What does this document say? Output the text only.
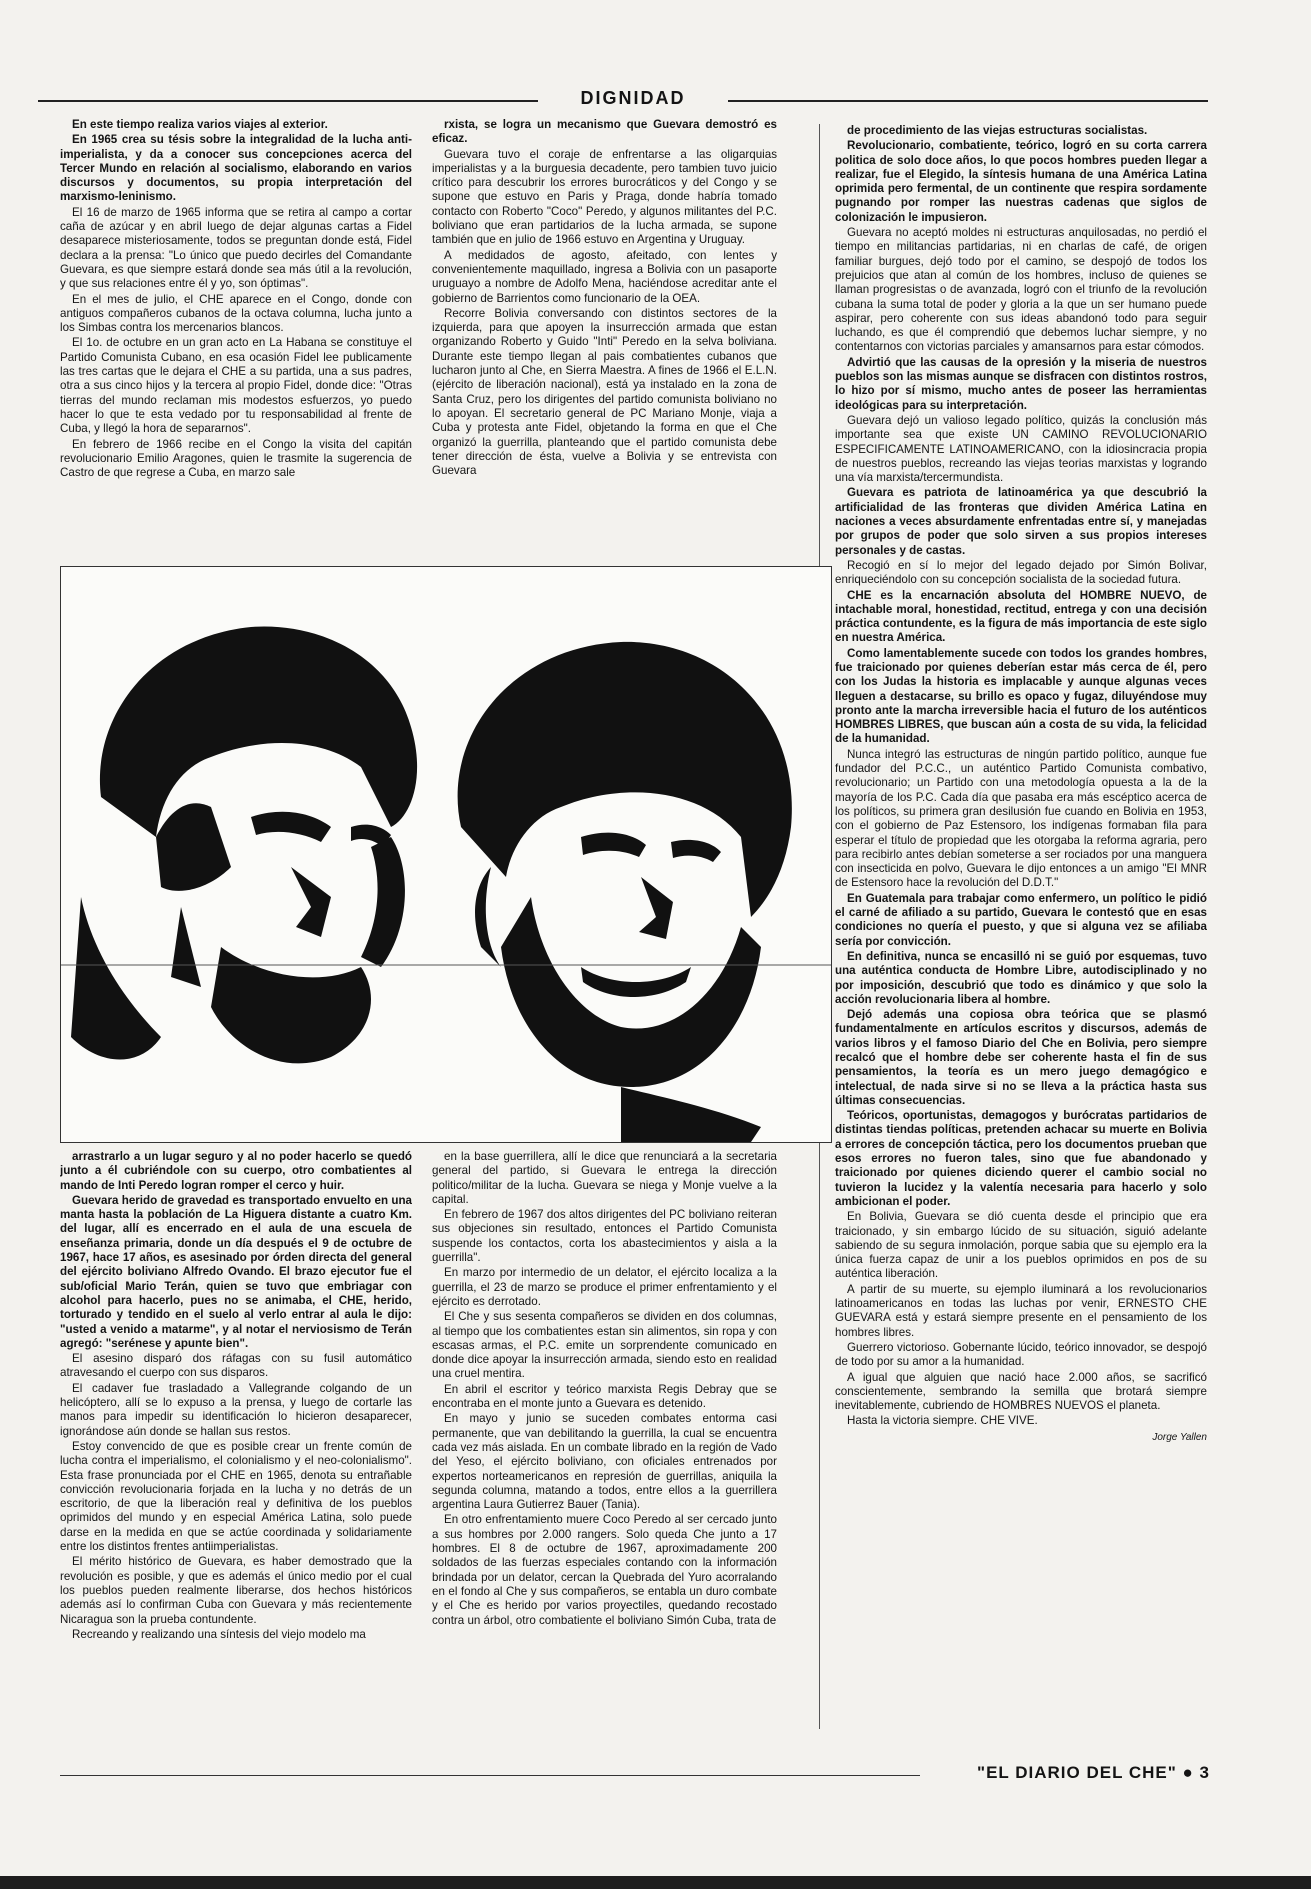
DIGNIDAD

En este tiempo realiza varios viajes al exterior.

En 1965 crea su tésis sobre la integralidad de la lucha anti-imperialista, y da a conocer sus concepciones acerca del Tercer Mundo en relación al socialismo, elaborando en varios discursos y documentos, su propia interpretación del marxismo-leninismo.

El 16 de marzo de 1965 informa que se retira al campo a cortar caña de azúcar y en abril luego de dejar algunas cartas a Fidel desaparece misteriosamente, todos se preguntan donde está, Fidel declara a la prensa: "Lo único que puedo decirles del Comandante Guevara, es que siempre estará donde sea más útil a la revolución, y que sus relaciones entre él y yo, son óptimas".

En el mes de julio, el CHE aparece en el Congo, donde con antiguos compañeros cubanos de la octava columna, lucha junto a los Simbas contra los mercenarios blancos.

El 1o. de octubre en un gran acto en La Habana se constituye el Partido Comunista Cubano, en esa ocasión Fidel lee publicamente las tres cartas que le dejara el CHE a su partida, una a sus padres, otra a sus cinco hijos y la tercera al propio Fidel, donde dice: "Otras tierras del mundo reclaman mis modestos esfuerzos, yo puedo hacer lo que te esta vedado por tu responsabilidad al frente de Cuba, y llegó la hora de separarnos".

En febrero de 1966 recibe en el Congo la visita del capitán revolucionario Emilio Aragones, quien le trasmite la sugerencia de Castro de que regrese a Cuba, en marzo sale

rxista, se logra un mecanismo que Guevara demostró es eficaz.

Guevara tuvo el coraje de enfrentarse a las oligarquias imperialistas y a la burguesia decadente, pero tambien tuvo juicio crítico para descubrir los errores burocráticos y del Congo y se supone que estuvo en Paris y Praga, donde habría tomado contacto con Roberto "Coco" Peredo, y algunos militantes del P.C. boliviano que eran partidarios de la lucha armada, se supone también que en julio de 1966 estuvo en Argentina y Uruguay.

A medidados de agosto, afeitado, con lentes y convenientemente maquillado, ingresa a Bolivia con un pasaporte uruguayo a nombre de Adolfo Mena, haciéndose acreditar ante el gobierno de Barrientos como funcionario de la OEA.

Recorre Bolivia conversando con distintos sectores de la izquierda, para que apoyen la insurrección armada que estan organizando Roberto y Guido "Inti" Peredo en la selva boliviana. Durante este tiempo llegan al pais combatientes cubanos que lucharon junto al Che, en Sierra Maestra. A fines de 1966 el E.L.N. (ejército de liberación nacional), está ya instalado en la zona de Santa Cruz, pero los dirigentes del partido comunista boliviano no lo apoyan. El secretario general de PC Mariano Monje, viaja a Cuba y protesta ante Fidel, objetando la forma en que el Che organizó la guerrilla, planteando que el partido comunista debe tener dirección de ésta, vuelve a Bolivia y se entrevista con Guevara

de procedimiento de las viejas estructuras socialistas.

Revolucionario, combatiente, teórico, logró en su corta carrera politica de solo doce años, lo que pocos hombres pueden llegar a realizar, fue el Elegido, la síntesis humana de una América Latina oprimida pero fermental, de un continente que respira sordamente pugnando por romper las nuestras cadenas que siglos de colonización le impusieron.

Guevara no aceptó moldes ni estructuras anquilosadas, no perdió el tiempo en militancias partidarias, ni en charlas de café, de origen familiar burgues, dejó todo por el camino, se despojó de todos los prejuicios que atan al común de los hombres, incluso de quienes se llaman progresistas o de avanzada, logró con el triunfo de la revolución cubana la suma total de poder y gloria a la que un ser humano puede aspirar, pero coherente con sus ideas abandonó todo para seguir luchando, es que él comprendió que debemos luchar siempre, y no contentarnos con victorias parciales y amansarnos para estar cómodos.

Advirtió que las causas de la opresión y la miseria de nuestros pueblos son las mismas aunque se disfracen con distintos rostros, lo hizo por sí mismo, mucho antes de poseer las herramientas ideológicas para su interpretación.

Guevara dejó un valioso legado político, quizás la conclusión más importante sea que existe UN CAMINO REVOLUCIONARIO ESPECIFICAMENTE LATINOAMERICANO, con la idiosincracia propia de nuestros pueblos, recreando las viejas teorias marxistas y logrando una vía marxista/tercermundista.

Guevara es patriota de latinoamérica ya que descubrió la artificialidad de las fronteras que dividen América Latina en naciones a veces absurdamente enfrentadas entre sí, y manejadas por grupos de poder que solo sirven a sus propios intereses personales y de castas.

Recogió en sí lo mejor del legado dejado por Simón Bolivar, enriqueciéndolo con su concepción socialista de la sociedad futura.

CHE es la encarnación absoluta del HOMBRE NUEVO, de intachable moral, honestidad, rectitud, entrega y con una decisión práctica contundente, es la figura de más importancia de este siglo en nuestra América.

Como lamentablemente sucede con todos los grandes hombres, fue traicionado por quienes deberían estar más cerca de él, pero con los Judas la historia es implacable y aunque algunas veces lleguen a destacarse, su brillo es opaco y fugaz, diluyéndose muy pronto ante la marcha irreversible hacia el futuro de los auténticos HOMBRES LIBRES, que buscan aún a costa de su vida, la felicidad de la humanidad.

Nunca integró las estructuras de ningún partido político, aunque fue fundador del P.C.C., un auténtico Partido Comunista combativo, revolucionario; un Partido con una metodología opuesta a la de la mayoría de los P.C. Cada día que pasaba era más escéptico acerca de los políticos, su primera gran desilusión fue cuando en Bolivia en 1953, con el gobierno de Paz Estensoro, los indígenas formaban fila para esperar el título de propiedad que les otorgaba la reforma agraria, pero para recibirlo antes debían someterse a ser rociados por una manguera con insecticida en polvo, Guevara le dijo entonces a un amigo "El MNR de Estensoro hace la revolución del D.D.T."

En Guatemala para trabajar como enfermero, un político le pidió el carné de afiliado a su partido, Guevara le contestó que en esas condiciones no quería el puesto, y que si alguna vez se afiliaba sería por convicción.

En definitiva, nunca se encasilló ni se guió por esquemas, tuvo una auténtica conducta de Hombre Libre, autodisciplinado y no por imposición, descubrió que todo es dinámico y que solo la acción revolucionaria libera al hombre.

Dejó además una copiosa obra teórica que se plasmó fundamentalmente en artículos escritos y discursos, además de varios libros y el famoso Diario del Che en Bolivia, pero siempre recalcó que el hombre debe ser coherente hasta el fin de sus pensamientos, la teoría es un mero juego demagógico e intelectual, de nada sirve si no se lleva a la práctica hasta sus últimas consecuencias.

Teóricos, oportunistas, demagogos y burócratas partidarios de distintas tiendas políticas, pretenden achacar su muerte en Bolivia a errores de concepción táctica, pero los documentos prueban que esos errores no fueron tales, sino que fue abandonado y traicionado por quienes diciendo querer el cambio social no tuvieron la lucidez y la valentía necesaria para hacerlo y solo ambicionan el poder.

En Bolivia, Guevara se dió cuenta desde el principio que era traicionado, y sin embargo lúcido de su situación, siguió adelante sabiendo de su segura inmolación, porque sabia que su ejemplo era la única fuerza capaz de unir a los pueblos oprimidos en pos de su auténtica liberación.

A partir de su muerte, su ejemplo iluminará a los revolucionarios latinoamericanos en todas las luchas por venir, ERNESTO CHE GUEVARA está y estará siempre presente en el pensamiento de los hombres libres.

Guerrero victorioso. Gobernante lúcido, teórico innovador, se despojó de todo por su amor a la humanidad.

A igual que alguien que nació hace 2.000 años, se sacrificó conscientemente, sembrando la semilla que brotará siempre inevitablemente, cubriendo de HOMBRES NUEVOS el planeta.

Hasta la victoria siempre. CHE VIVE.

Jorge Yallen

arrastrarlo a un lugar seguro y al no poder hacerlo se quedó junto a él cubriéndole con su cuerpo, otro combatientes al mando de Inti Peredo logran romper el cerco y huir.

Guevara herido de gravedad es transportado envuelto en una manta hasta la población de La Higuera distante a cuatro Km. del lugar, allí es encerrado en el aula de una escuela de enseñanza primaria, donde un día después el 9 de octubre de 1967, hace 17 años, es asesinado por órden directa del general del ejército boliviano Alfredo Ovando. El brazo ejecutor fue el sub/oficial Mario Terán, quien se tuvo que embriagar con alcohol para hacerlo, pues no se animaba, el CHE, herido, torturado y tendido en el suelo al verlo entrar al aula le dijo: "usted a venido a matarme", y al notar el nerviosismo de Terán agregó: "serénese y apunte bien".

El asesino disparó dos ráfagas con su fusil automático atravesando el cuerpo con sus disparos.

El cadaver fue trasladado a Vallegrande colgando de un helicóptero, allí se lo expuso a la prensa, y luego de cortarle las manos para impedir su identificación lo hicieron desaparecer, ignorándose aún donde se hallan sus restos.

Estoy convencido de que es posible crear un frente común de lucha contra el imperialismo, el colonialismo y el neo-colonialismo". Esta frase pronunciada por el CHE en 1965, denota su entrañable convicción revolucionaria forjada en la lucha y no detrás de un escritorio, de que la liberación real y definitiva de los pueblos oprimidos del mundo y en especial América Latina, solo puede darse en la medida en que se actúe coordinada y solidariamente entre los distintos frentes antiimperialistas.

El mérito histórico de Guevara, es haber demostrado que la revolución es posible, y que es además el único medio por el cual los pueblos pueden realmente liberarse, dos hechos históricos además así lo confirman Cuba con Guevara y más recientemente Nicaragua son la prueba contundente.

Recreando y realizando una síntesis del viejo modelo ma

en la base guerrillera, allí le dice que renunciará a la secretaria general del partido, si Guevara le entrega la dirección politico/militar de la lucha. Guevara se niega y Monje vuelve a la capital.

En febrero de 1967 dos altos dirigentes del PC boliviano reiteran sus objeciones sin resultado, entonces el Partido Comunista suspende los contactos, corta los abastecimientos y aisla a la guerrilla".

En marzo por intermedio de un delator, el ejército localiza a la guerrilla, el 23 de marzo se produce el primer enfrentamiento y el ejército es derrotado.

El Che y sus sesenta compañeros se dividen en dos columnas, al tiempo que los combatientes estan sin alimentos, sin ropa y con escasas armas, el P.C. emite un sorprendente comunicado en donde dice apoyar la insurrección armada, siendo esto en realidad una cruel mentira.

En abril el escritor y teórico marxista Regis Debray que se encontraba en el monte junto a Guevara es detenido.

En mayo y junio se suceden combates entorma casi permanente, que van debilitando la guerrilla, la cual se encuentra cada vez más aislada. En un combate librado en la región de Vado del Yeso, el ejército boliviano, con oficiales entrenados por expertos norteamericanos en represión de guerrillas, aniquila la segunda columna, matando a todos, entre ellos a la guerrillera argentina Laura Gutierrez Bauer (Tania).

En otro enfrentamiento muere Coco Peredo al ser cercado junto a sus hombres por 2.000 rangers. Solo queda Che junto a 17 hombres. El 8 de octubre de 1967, aproximadamente 200 soldados de las fuerzas especiales contando con la información brindada por un delator, cercan la Quebrada del Yuro acorralando en el fondo al Che y sus compañeros, se entabla un duro combate y el Che es herido por varios proyectiles, quedando recostado contra un árbol, otro combatiente el boliviano Simón Cuba, trata de

"EL DIARIO DEL CHE" ● 3
